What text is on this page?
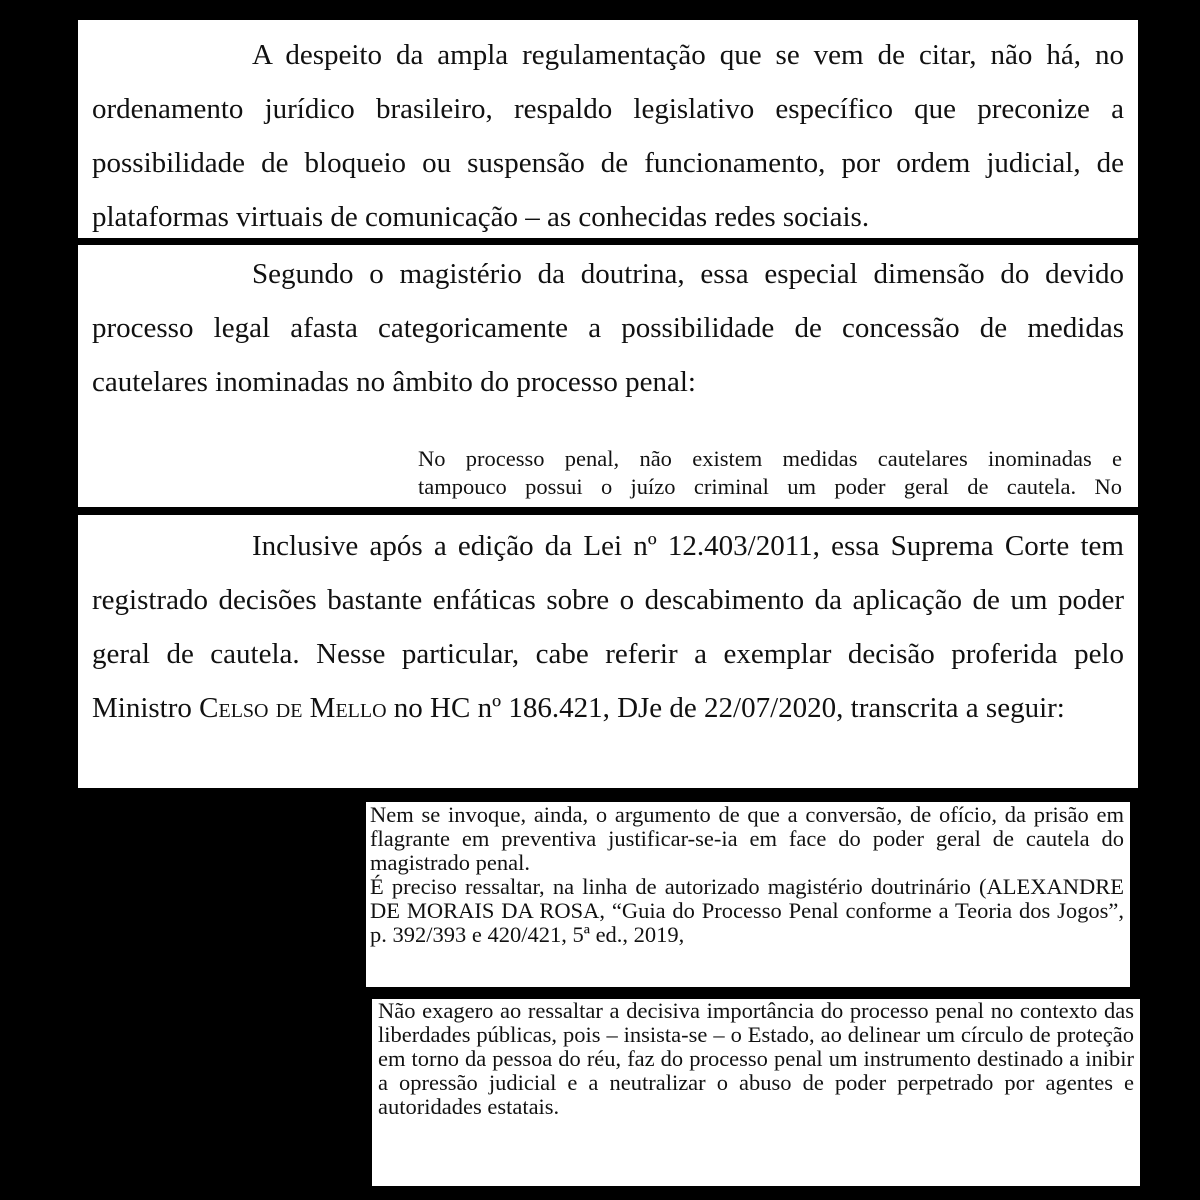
A despeito da ampla regulamentação que se vem de citar, não há, no ordenamento jurídico brasileiro, respaldo legislativo específico que preconize a possibilidade de bloqueio ou suspensão de funcionamento, por ordem judicial, de plataformas virtuais de comunicação – as conhecidas redes sociais.

Segundo o magistério da doutrina, essa especial dimensão do devido processo legal afasta categoricamente a possibilidade de concessão de medidas cautelares inominadas no âmbito do processo penal:

No processo penal, não existem medidas cautelares inominadas e

tampouco possui o juízo criminal um poder geral de cautela. No

Inclusive após a edição da Lei nº 12.403/2011, essa Suprema Corte tem registrado decisões bastante enfáticas sobre o descabimento da aplicação de um poder geral de cautela. Nesse particular, cabe referir a exemplar decisão proferida pelo Ministro Celso de Mello no HC nº 186.421, DJe de 22/07/2020, transcrita a seguir:

Nem se invoque, ainda, o argumento de que a conversão, de ofício, da prisão em flagrante em preventiva justificar-se-ia em face do poder geral de cautela do magistrado penal.

É preciso ressaltar, na linha de autorizado magistério doutrinário (ALEXANDRE DE MORAIS DA ROSA, “Guia do Processo Penal conforme a Teoria dos Jogos”, p. 392/393 e 420/421, 5ª ed., 2019,

Não exagero ao ressaltar a decisiva importância do processo penal no contexto das liberdades públicas, pois – insista-se – o Estado, ao delinear um círculo de proteção em torno da pessoa do réu, faz do processo penal um instrumento destinado a inibir a opressão judicial e a neutralizar o abuso de poder perpetrado por agentes e autoridades estatais.
